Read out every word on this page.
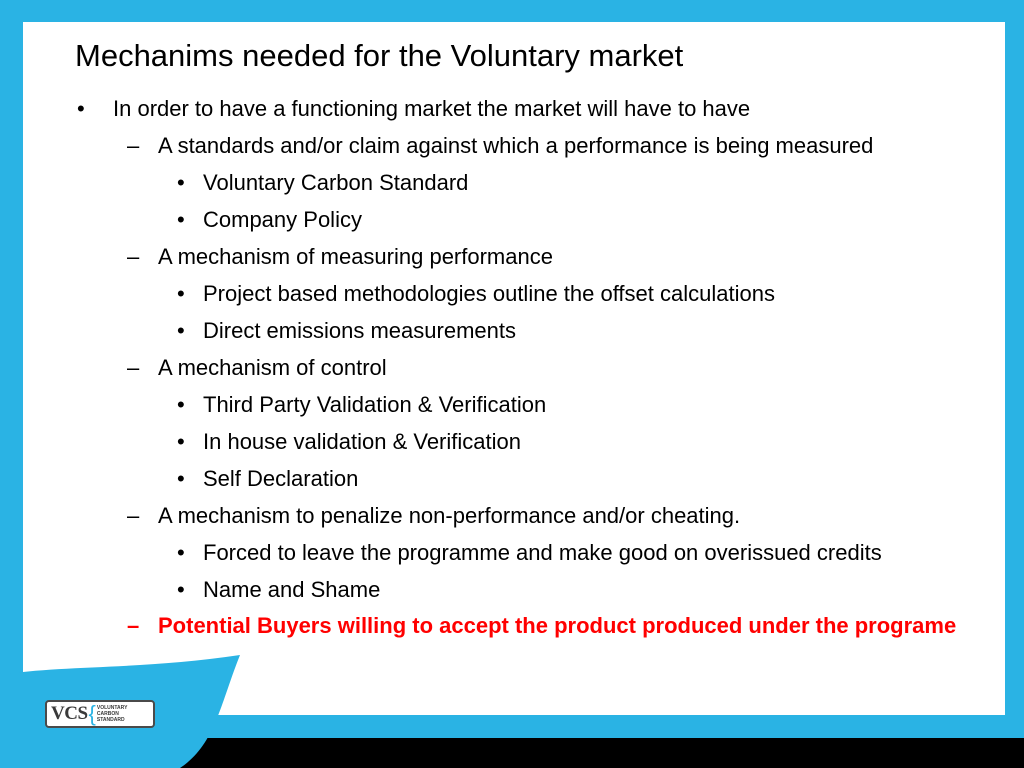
Mechanims needed for the Voluntary market
• In order to have a functioning market the market will have to have
– A standards and/or claim against which a performance is being measured
• Voluntary Carbon Standard
• Company Policy
– A mechanism of measuring performance
• Project based methodologies outline the offset calculations
• Direct emissions measurements
– A mechanism of control
• Third Party Validation & Verification
• In house validation & Verification
• Self Declaration
– A mechanism to penalize non-performance and/or cheating.
• Forced to leave the programme and make good on overissued credits
• Name and Shame
– Potential Buyers willing to accept the product produced under the programe
VCS { VOLUNTARY
CARBON
STANDARD
